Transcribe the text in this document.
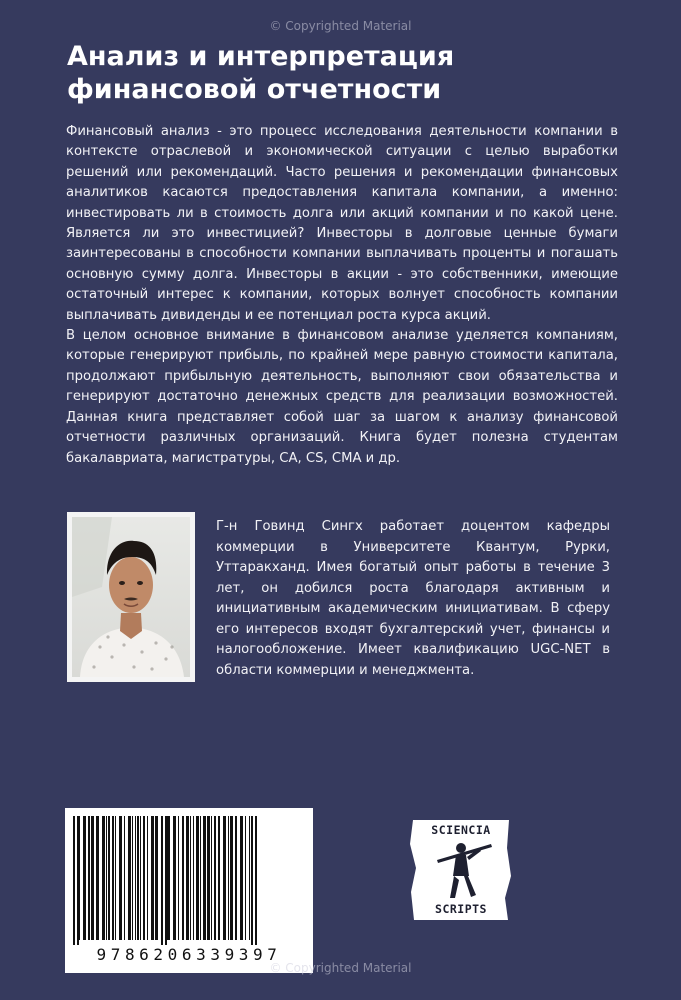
© Copyrighted Material
Анализ и интерпретация
финансовой отчетности

Финансовый анализ - это процесс исследования деятельности компании в контексте отраслевой и экономической ситуации с целью выработки решений или рекомендаций. Часто решения и рекомендации финансовых аналитиков касаются предоставления капитала компании, а именно: инвестировать ли в стоимость долга или акций компании и по какой цене. Является ли это инвестицией? Инвесторы в долговые ценные бумаги заинтересованы в способности компании выплачивать проценты и погашать основную сумму долга. Инвесторы в акции - это собственники, имеющие остаточный интерес к компании, которых волнует способность компании выплачивать дивиденды и ее потенциал роста курса акций.

В целом основное внимание в финансовом анализе уделяется компаниям, которые генерируют прибыль, по крайней мере равную стоимости капитала, продолжают прибыльную деятельность, выполняют свои обязательства и генерируют достаточно денежных средств для реализации возможностей. Данная книга представляет собой шаг за шагом к анализу финансовой отчетности различных организаций. Книга будет полезна студентам бакалавриата, магистратуры, CA, CS, CMA и др.

Г-н Говинд Сингх работает доцентом кафедры коммерции в Университете Квантум, Рурки, Уттаракханд. Имея богатый опыт работы в течение 3 лет, он добился роста благодаря активным и инициативным академическим инициативам. В сферу его интересов входят бухгалтерский учет, финансы и налогообложение. Имеет квалификацию UGC-NET в области коммерции и менеджмента.
9786206339397
SCIENCIA
SCRIPTS
© Copyrighted Material
